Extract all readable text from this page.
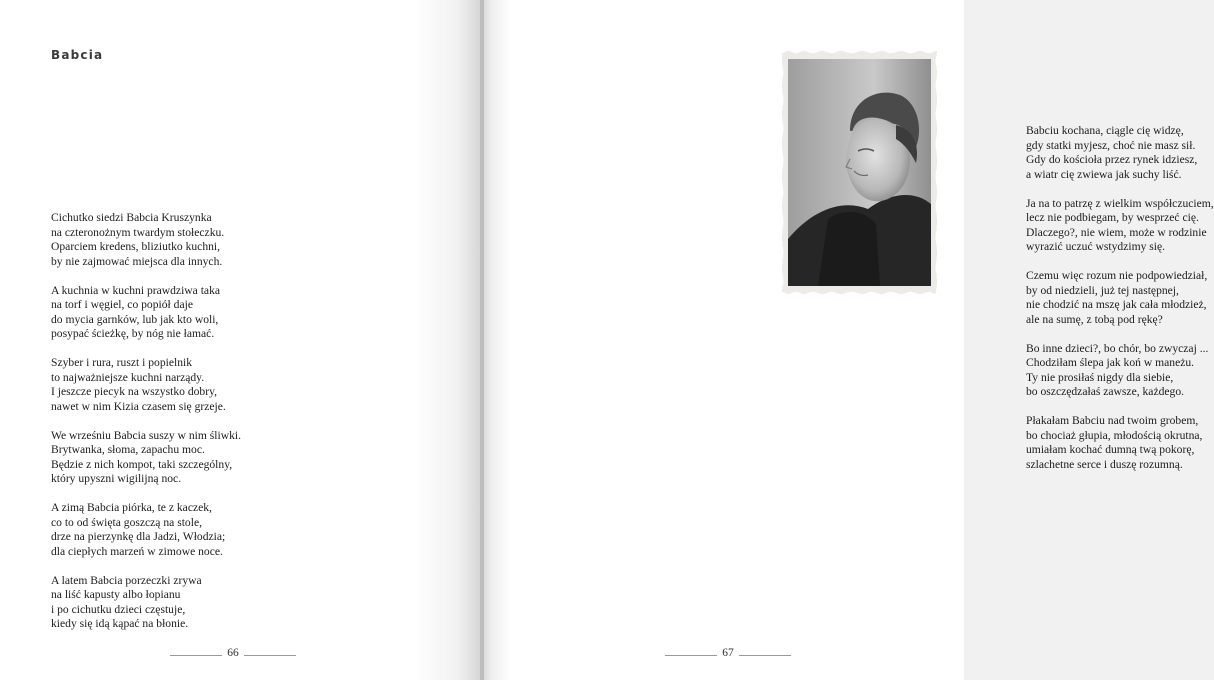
Babcia
Cichutko siedzi Babcia Kruszynka
na czteronożnym twardym stołeczku.
Oparciem kredens, bliziutko kuchni,
by nie zajmować miejsca dla innych.
A kuchnia w kuchni prawdziwa taka
na torf i węgiel, co popiół daje
do mycia garnków, lub jak kto woli,
posypać ścieżkę, by nóg nie łamać.
Szyber i rura, ruszt i popielnik
to najważniejsze kuchni narządy.
I jeszcze piecyk na wszystko dobry,
nawet w nim Kizia czasem się grzeje.
We wrześniu Babcia suszy w nim śliwki.
Brytwanka, słoma, zapachu moc.
Będzie z nich kompot, taki szczególny,
który upyszni wigilijną noc.
A zimą Babcia piórka, te z kaczek,
co to od święta goszczą na stole,
drze na pierzynkę dla Jadzi, Włodzia;
dla ciepłych marzeń w zimowe noce.
A latem Babcia porzeczki zrywa
na liść kapusty albo łopianu
i po cichutku dzieci częstuje,
kiedy się idą kąpać na błonie.
66
Babciu kochana, ciągle cię widzę,
gdy statki myjesz, choć nie masz sił.
Gdy do kościoła przez rynek idziesz,
a wiatr cię zwiewa jak suchy liść.
Ja na to patrzę z wielkim współczuciem,
lecz nie podbiegam, by wesprzeć cię.
Dlaczego?, nie wiem, może w rodzinie
wyrazić uczuć wstydzimy się.
Czemu więc rozum nie podpowiedział,
by od niedzieli, już tej następnej,
nie chodzić na mszę jak cała młodzież,
ale na sumę, z tobą pod rękę?
Bo inne dzieci?, bo chór, bo zwyczaj ...
Chodziłam ślepa jak koń w maneżu.
Ty nie prosiłaś nigdy dla siebie,
bo oszczędzałaś zawsze, każdego.
Płakałam Babciu nad twoim grobem,
bo chociaż głupia, młodością okrutna,
umiałam kochać dumną twą pokorę,
szlachetne serce i duszę rozumną.
67
